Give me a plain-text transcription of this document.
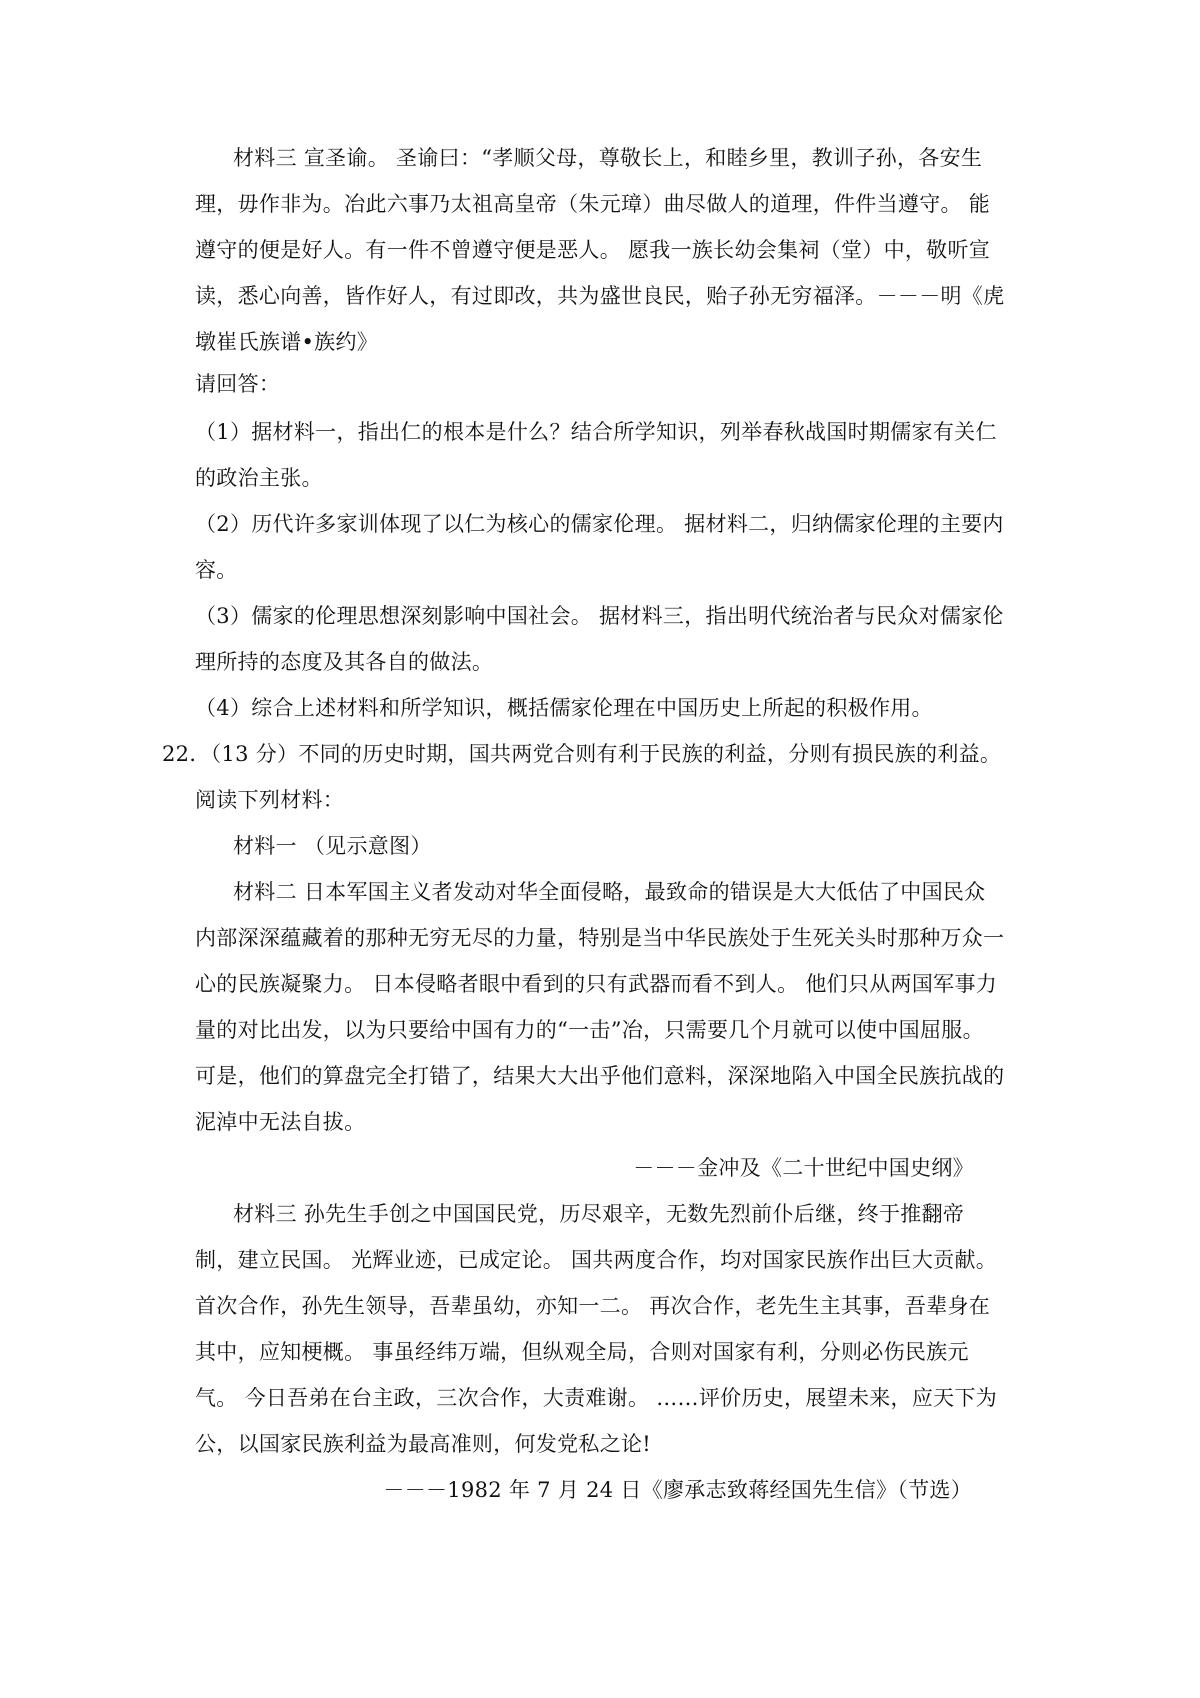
材料三 宣圣谕。 圣谕曰：“孝顺父母，尊敬长上，和睦乡里，教训子孙，各安生
理，毋作非为。冶此六事乃太祖高皇帝（朱元璋）曲尽做人的道理，件件当遵守。 能
遵守的便是好人。有一件不曾遵守便是恶人。 愿我一族长幼会集祠（堂）中，敬听宣
读，悉心向善，皆作好人，有过即改，共为盛世良民，贻子孙无穷福泽。－－－明《虎
墩崔氏族谱•族约》
请回答：
（1）据材料一，指出仁的根本是什么？结合所学知识，列举春秋战国时期儒家有关仁
的政治主张。
（2）历代许多家训体现了以仁为核心的儒家伦理。 据材料二，归纳儒家伦理的主要内
容。
（3）儒家的伦理思想深刻影响中国社会。 据材料三，指出明代统治者与民众对儒家伦
理所持的态度及其各自的做法。
（4）综合上述材料和所学知识，概括儒家伦理在中国历史上所起的积极作用。
22．（13 分）不同的历史时期，国共两党合则有利于民族的利益，分则有损民族的利益。
阅读下列材料：
材料一 （见示意图）
材料二 日本军国主义者发动对华全面侵略，最致命的错误是大大低估了中国民众
内部深深蕴藏着的那种无穷无尽的力量，特别是当中华民族处于生死关头时那种万众一
心的民族凝聚力。 日本侵略者眼中看到的只有武器而看不到人。 他们只从两国军事力
量的对比出发，以为只要给中国有力的“一击”冶，只需要几个月就可以使中国屈服。
可是，他们的算盘完全打错了，结果大大出乎他们意料，深深地陷入中国全民族抗战的
泥淖中无法自拔。
－－－金冲及《二十世纪中国史纲》
材料三 孙先生手创之中国国民党，历尽艰辛，无数先烈前仆后继，终于推翻帝
制，建立民国。 光辉业迹，已成定论。 国共两度合作，均对国家民族作出巨大贡献。
首次合作，孙先生领导，吾辈虽幼，亦知一二。 再次合作，老先生主其事，吾辈身在
其中，应知梗概。 事虽经纬万端，但纵观全局，合则对国家有利，分则必伤民族元
气。 今日吾弟在台主政，三次合作，大责难谢。 ……评价历史，展望未来，应天下为
公，以国家民族利益为最高准则，何发党私之论!
－－－1982 年 7 月 24 日《廖承志致蒋经国先生信》（节选）
